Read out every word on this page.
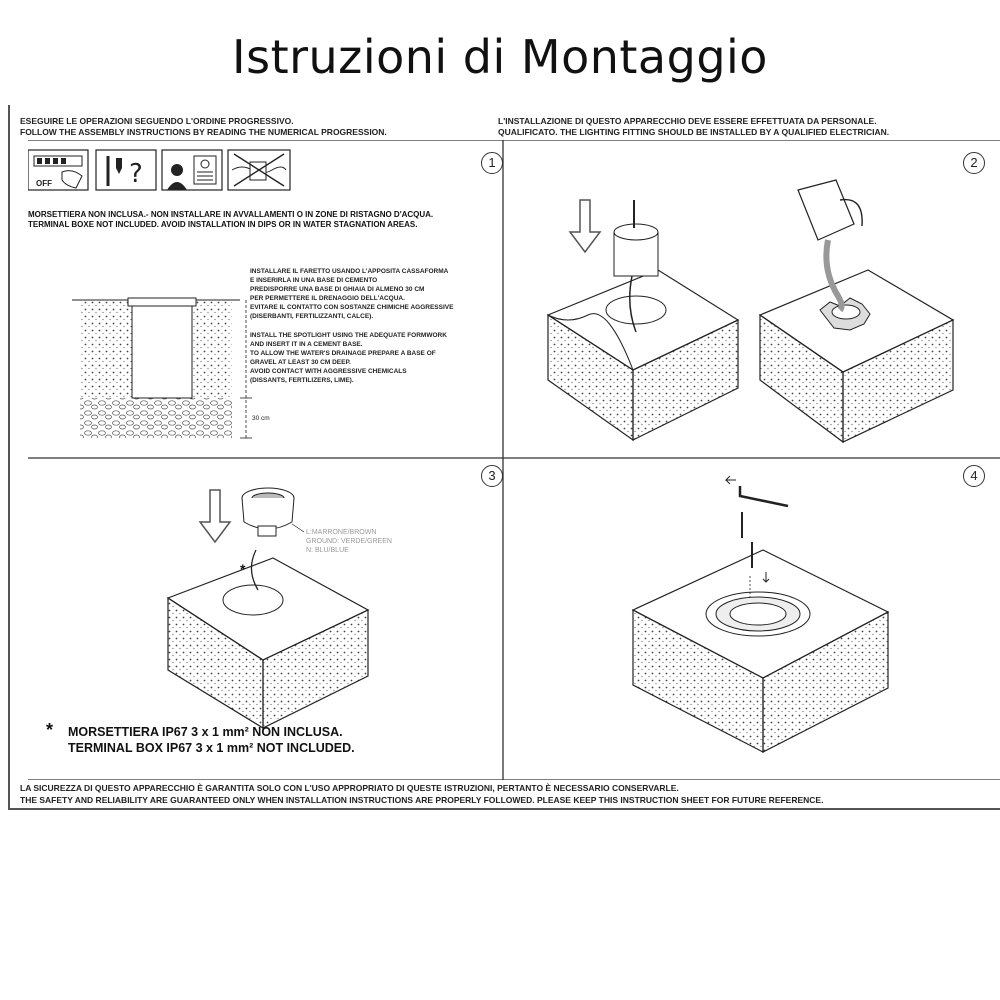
Istruzioni di Montaggio
ESEGUIRE LE OPERAZIONI SEGUENDO L'ORDINE PROGRESSIVO.
FOLLOW THE ASSEMBLY INSTRUCTIONS BY READING THE NUMERICAL PROGRESSION.
L'INSTALLAZIONE DI QUESTO APPARECCHIO DEVE ESSERE EFFETTUATA DA PERSONALE.
QUALIFICATO. THE LIGHTING FITTING SHOULD BE INSTALLED BY A QUALIFIED ELECTRICIAN.
?	1	2
3	4
OFF
MORSETTIERA NON INCLUSA.- NON INSTALLARE IN AVVALLAMENTI O IN ZONE DI RISTAGNO D'ACQUA.
TERMINAL BOXE NOT INCLUDED. AVOID INSTALLATION IN DIPS OR IN WATER STAGNATION AREAS.
INSTALLARE IL FARETTO USANDO L'APPOSITA CASSAFORMA
E INSERIRLA IN UNA BASE DI CEMENTO
PREDISPORRE UNA BASE DI GHIAIA DI ALMENO 30 CM
PER PERMETTERE IL DRENAGGIO DELL'ACQUA.
EVITARE IL CONTATTO CON SOSTANZE CHIMICHE AGGRESSIVE
(DISERBANTI, FERTILIZZANTI, CALCE).
INSTALL THE SPOTLIGHT USING THE ADEQUATE FORMWORK
AND INSERT IT IN A CEMENT BASE.
TO ALLOW THE WATER'S DRAINAGE PREPARE A BASE OF
GRAVEL AT LEAST 30 CM DEEP.
AVOID CONTACT WITH AGGRESSIVE CHEMICALS
(DISSANTS, FERTILIZERS, LIME).
30 cm
*
L:MARRONE/BROWN
GROUND: VERDE/GREEN
N: BLU/BLUE
* MORSETTIERA IP67 3 x 1 mm² NON INCLUSA.
TERMINAL BOX IP67 3 x 1 mm² NOT INCLUDED.
LA SICUREZZA DI QUESTO APPARECCHIO È GARANTITA SOLO CON L'USO APPROPRIATO DI QUESTE ISTRUZIONI, PERTANTO È NECESSARIO CONSERVARLE.
THE SAFETY AND RELIABILITY ARE GUARANTEED ONLY WHEN INSTALLATION INSTRUCTIONS ARE PROPERLY FOLLOWED. PLEASE KEEP THIS INSTRUCTION SHEET FOR FUTURE REFERENCE.
